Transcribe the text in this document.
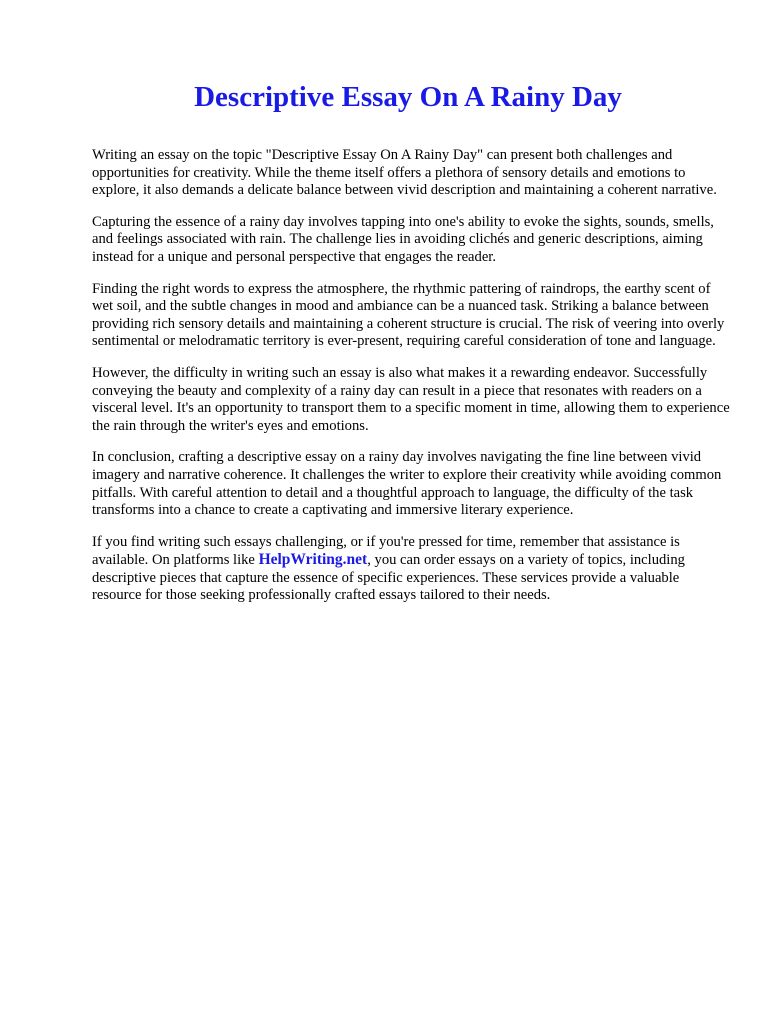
Descriptive Essay On A Rainy Day

Writing an essay on the topic "Descriptive Essay On A Rainy Day" can present both challenges and opportunities for creativity. While the theme itself offers a plethora of sensory details and emotions to explore, it also demands a delicate balance between vivid description and maintaining a coherent narrative.

Capturing the essence of a rainy day involves tapping into one's ability to evoke the sights, sounds, smells, and feelings associated with rain. The challenge lies in avoiding clichés and generic descriptions, aiming instead for a unique and personal perspective that engages the reader.

Finding the right words to express the atmosphere, the rhythmic pattering of raindrops, the earthy scent of wet soil, and the subtle changes in mood and ambiance can be a nuanced task. Striking a balance between providing rich sensory details and maintaining a coherent structure is crucial. The risk of veering into overly sentimental or melodramatic territory is ever-present, requiring careful consideration of tone and language.

However, the difficulty in writing such an essay is also what makes it a rewarding endeavor. Successfully conveying the beauty and complexity of a rainy day can result in a piece that resonates with readers on a visceral level. It's an opportunity to transport them to a specific moment in time, allowing them to experience the rain through the writer's eyes and emotions.

In conclusion, crafting a descriptive essay on a rainy day involves navigating the fine line between vivid imagery and narrative coherence. It challenges the writer to explore their creativity while avoiding common pitfalls. With careful attention to detail and a thoughtful approach to language, the difficulty of the task transforms into a chance to create a captivating and immersive literary experience.

If you find writing such essays challenging, or if you're pressed for time, remember that assistance is available. On platforms like HelpWriting.net, you can order essays on a variety of topics, including descriptive pieces that capture the essence of specific experiences. These services provide a valuable resource for those seeking professionally crafted essays tailored to their needs.
